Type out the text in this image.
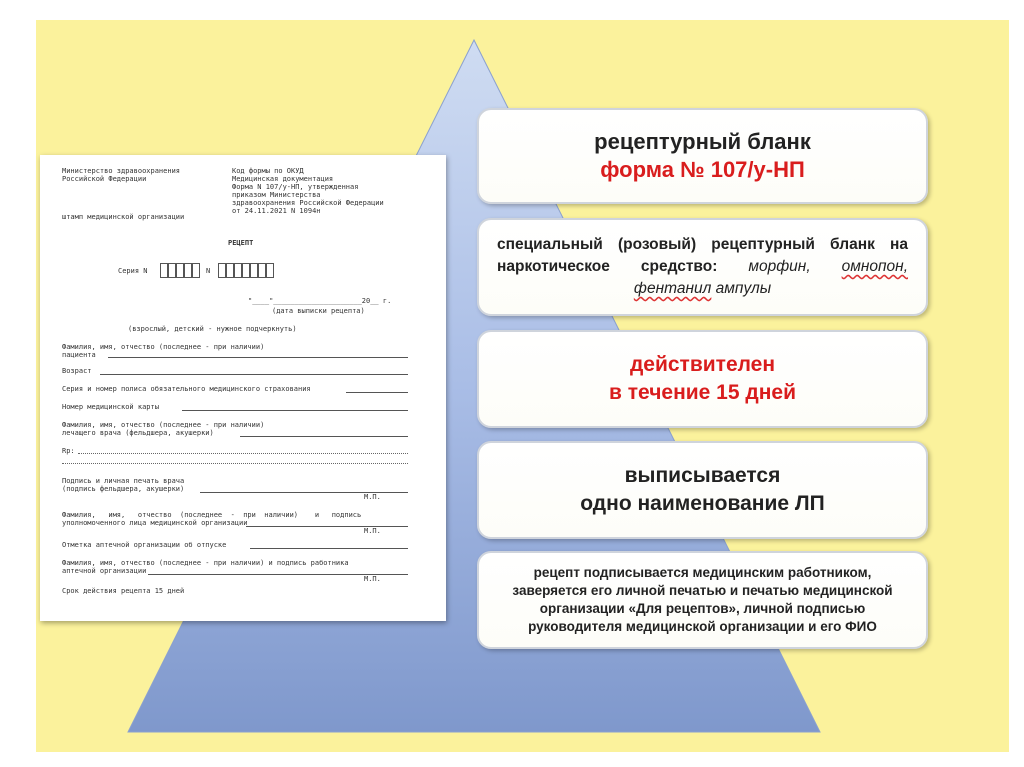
Министерство здравоохранения
Российской Федерации
Код формы по ОКУД
Медицинская документация
Форма N 107/у-НП, утвержденная
приказом Министерства
здравоохранения Российской Федерации
от 24.11.2021 N 1094н
штамп медицинской организации
РЕЦЕПТ
Серия N	N
"____"_____________________20__ г.
(дата выписки рецепта)
(взрослый, детский - нужное подчеркнуть)
Фамилия, имя, отчество (последнее - при наличии)
пациента
Возраст
Серия и номер полиса обязательного медицинского страхования
Номер медицинской карты
Фамилия, имя, отчество (последнее - при наличии)
лечащего врача (фельдшера, акушерки)
Rp:
Подпись и личная печать врача
(подпись фельдшера, акушерки)
М.П.
Фамилия,   имя,   отчество  (последнее  -  при  наличии)    и   подпись
уполномоченного лица медицинской организации
М.П.
Отметка аптечной организации об отпуске
Фамилия, имя, отчество (последнее - при наличии) и подпись работника
аптечной организации
М.П.
Срок действия рецепта 15 дней
рецептурный бланк
форма № 107/у-НП
специальный (розовый) рецептурный бланк на наркотическое средство: морфин, омнопон, фентанил ампулы
действителен
в течение 15 дней
выписывается
одно наименование ЛП
рецепт подписывается медицинским работником,
заверяется его личной печатью и печатью медицинской
организации «Для рецептов», личной подписью
руководителя медицинской организации и его ФИО
